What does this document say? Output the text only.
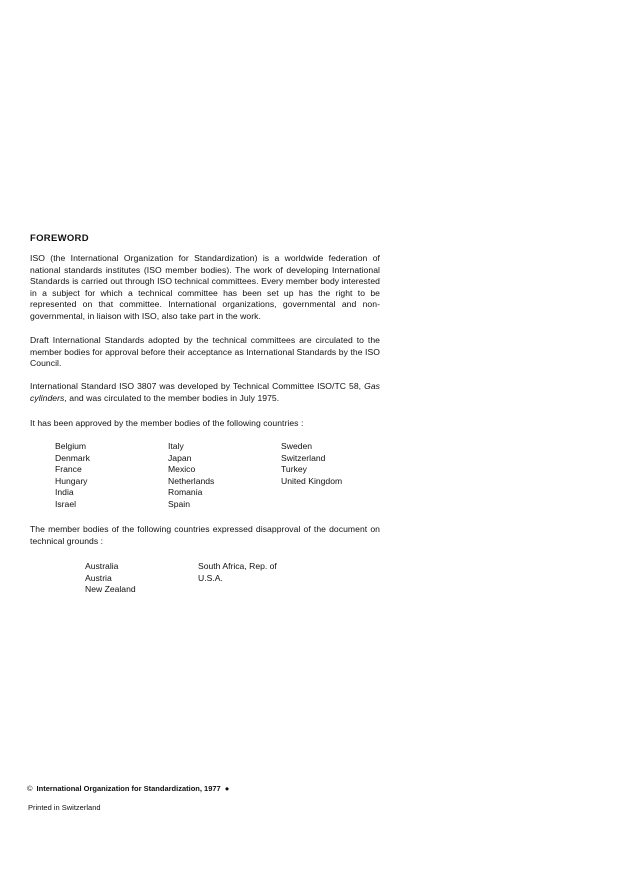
FOREWORD
ISO (the International Organization for Standardization) is a worldwide federation of national standards institutes (ISO member bodies). The work of developing International Standards is carried out through ISO technical committees. Every member body interested in a subject for which a technical committee has been set up has the right to be represented on that committee. International organizations, governmental and non-governmental, in liaison with ISO, also take part in the work.
Draft International Standards adopted by the technical committees are circulated to the member bodies for approval before their acceptance as International Standards by the ISO Council.
International Standard ISO 3807 was developed by Technical Committee ISO/TC 58, Gas cylinders, and was circulated to the member bodies in July 1975.
It has been approved by the member bodies of the following countries :
Belgium
Denmark
France
Hungary
India
Israel
Italy
Japan
Mexico
Netherlands
Romania
Spain
Sweden
Switzerland
Turkey
United Kingdom
The member bodies of the following countries expressed disapproval of the document on technical grounds :
Australia
Austria
New Zealand
South Africa, Rep. of
U.S.A.
© International Organization for Standardization, 1977 ●
Printed in Switzerland
